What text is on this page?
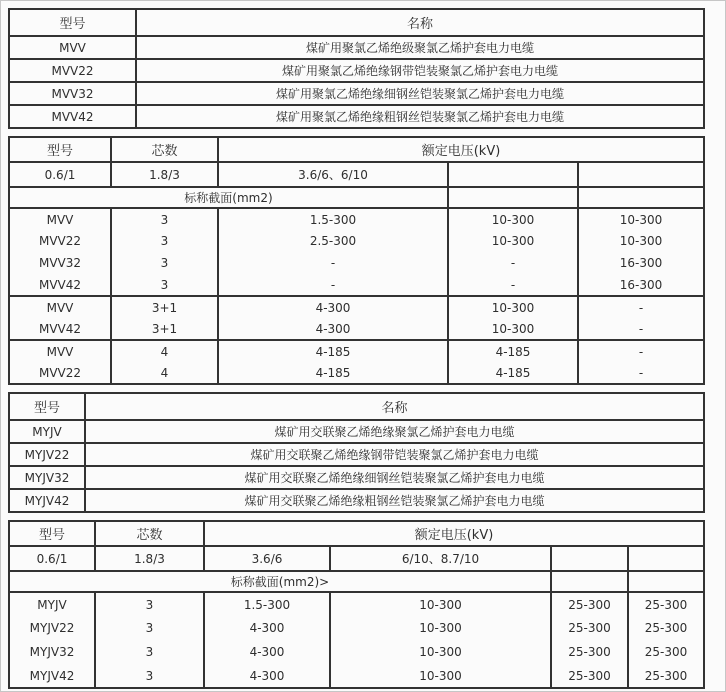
型号	名称
MVV	煤矿用聚氯乙烯绝级聚氯乙烯护套电力电缆
MVV22	煤矿用聚氯乙烯绝缘钢带铠装聚氯乙烯护套电力电缆
MVV32	煤矿用聚氯乙烯绝缘细钢丝铠装聚氯乙烯护套电力电缆
MVV42	煤矿用聚氯乙烯绝缘粗钢丝铠装聚氯乙烯护套电力电缆
型号	芯数	额定电压(kV)		
0.6/1	1.8/3	3.6/6、6/10		
标称截面(mm2)				
MVV	3	1.5-300	10-300	10-300
MVV22	3	2.5-300	10-300	10-300
MVV32	3	-	-	16-300
MVV42	3	-	-	16-300
MVV	3+1	4-300	10-300	-
MVV42	3+1	4-300	10-300	-
MVV	4	4-185	4-185	-
MVV22	4	4-185	4-185	-
型号	名称
MYJV	煤矿用交联聚乙烯绝缘聚氯乙烯护套电力电缆
MYJV22	煤矿用交联聚乙烯绝缘钢带铠装聚氯乙烯护套电力电缆
MYJV32	煤矿用交联聚乙烯绝缘细钢丝铠装聚氯乙烯护套电力电缆
MYJV42	煤矿用交联聚乙烯绝缘粗钢丝铠装聚氯乙烯护套电力电缆
型号	芯数	额定电压(kV)			
0.6/1	1.8/3	3.6/6	6/10、8.7/10		
标称截面(mm2)>					
MYJV	3	1.5-300	10-300	25-300	25-300
MYJV22	3	4-300	10-300	25-300	25-300
MYJV32	3	4-300	10-300	25-300	25-300
MYJV42	3	4-300	10-300	25-300	25-300
